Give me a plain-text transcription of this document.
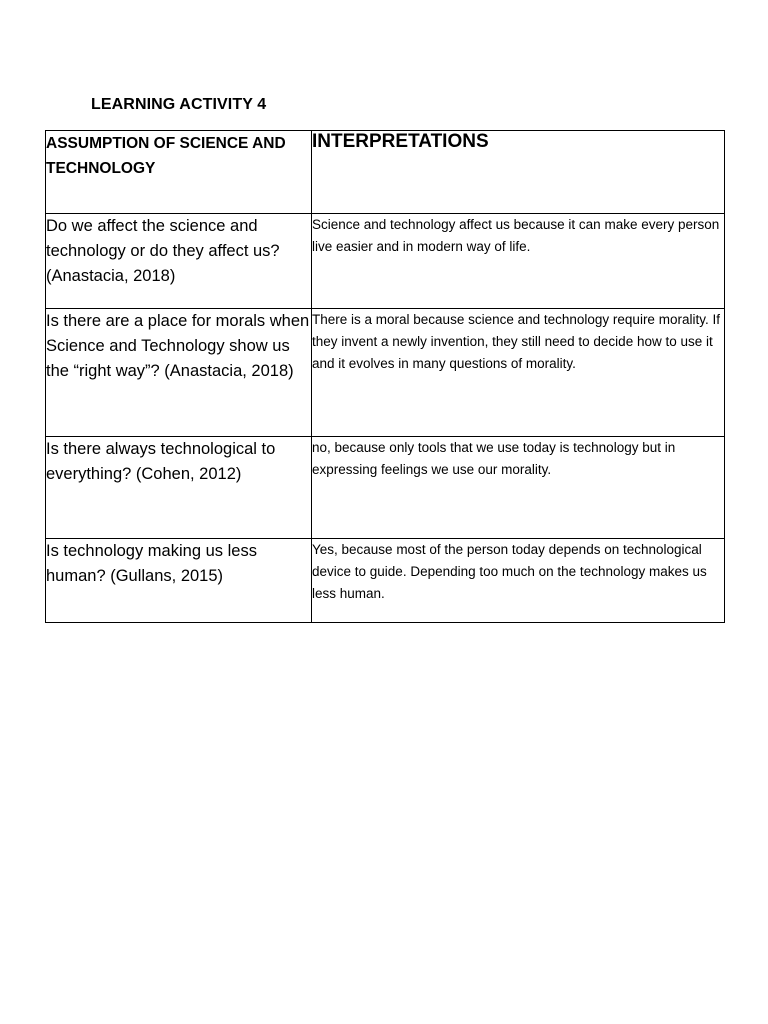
LEARNING ACTIVITY 4
ASSUMPTION OF SCIENCE AND TECHNOLOGY	INTERPRETATIONS
Do we affect the science and technology or do they affect us? (Anastacia, 2018)	Science and technology affect us because it can make every person live easier and in modern way of life.
Is there are a place for morals when Science and Technology show us the “right way”? (Anastacia, 2018)	There is a moral because science and technology require morality. If they invent a newly invention, they still need to decide how to use it and it evolves in many questions of morality.
Is there always technological to everything? (Cohen, 2012)	no, because only tools that we use today is technology but in expressing feelings we use our morality.
Is technology making us less human? (Gullans, 2015)	Yes, because most of the person today depends on technological device to guide. Depending too much on the technology makes us less human.
